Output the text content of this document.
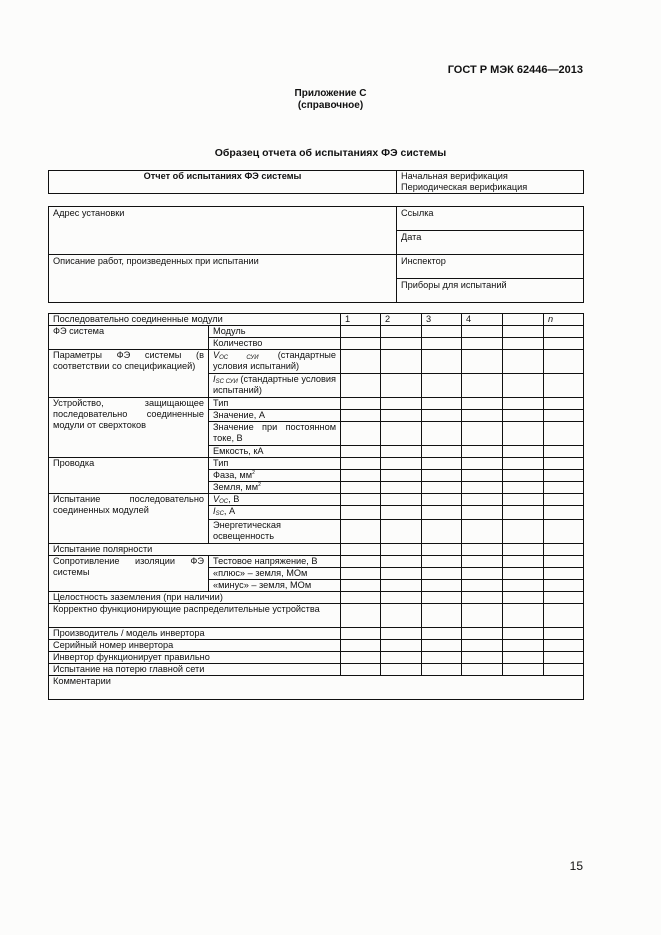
ГОСТ Р МЭК 62446—2013
Приложение С
(справочное)
Образец отчета об испытаниях ФЭ системы
Отчет об испытаниях ФЭ системы	Начальная верификация
Периодическая верификация
Адрес установки	Ссылка
	Дата
Описание работ, произведенных при испытании	Инспектор
	Приборы для испытаний
Последовательно соединенные модули		1	2	3	4		n
ФЭ система	Модуль						
	Количество						
Параметры ФЭ системы (в соответствии со спецификацией)	$V_{OC СУИ}$ (стандартные условия испытаний)						
	$I_{SC СУИ}$ (стандартные условия испытаний)						
Устройство, защищающее последовательно соединенные модули от сверхтоков	Тип						
	Значение, А						
	Значение при постоянном токе, В						
	Емкость, кА						
Проводка	Тип						
	Фаза, $мм^2$						
	Земля, $мм^2$						
Испытание последовательно соединенных модулей	$V_{OC}$, В						
	$I_{SC}$, А						
	Энергетическая освещенность						
Испытание полярности							
Сопротивление изоляции ФЭ системы	Тестовое напряжение, В						
	«плюс» – земля, МОм						
	«минус» – земля, МОм						
Целостность заземления (при наличии)							
Корректно функционирующие распределительные устройства							
Производитель / модель инвертора							
Серийный номер инвертора							
Инвертор функционирует правильно							
Испытание на потерю главной сети							
Комментарии							
15
